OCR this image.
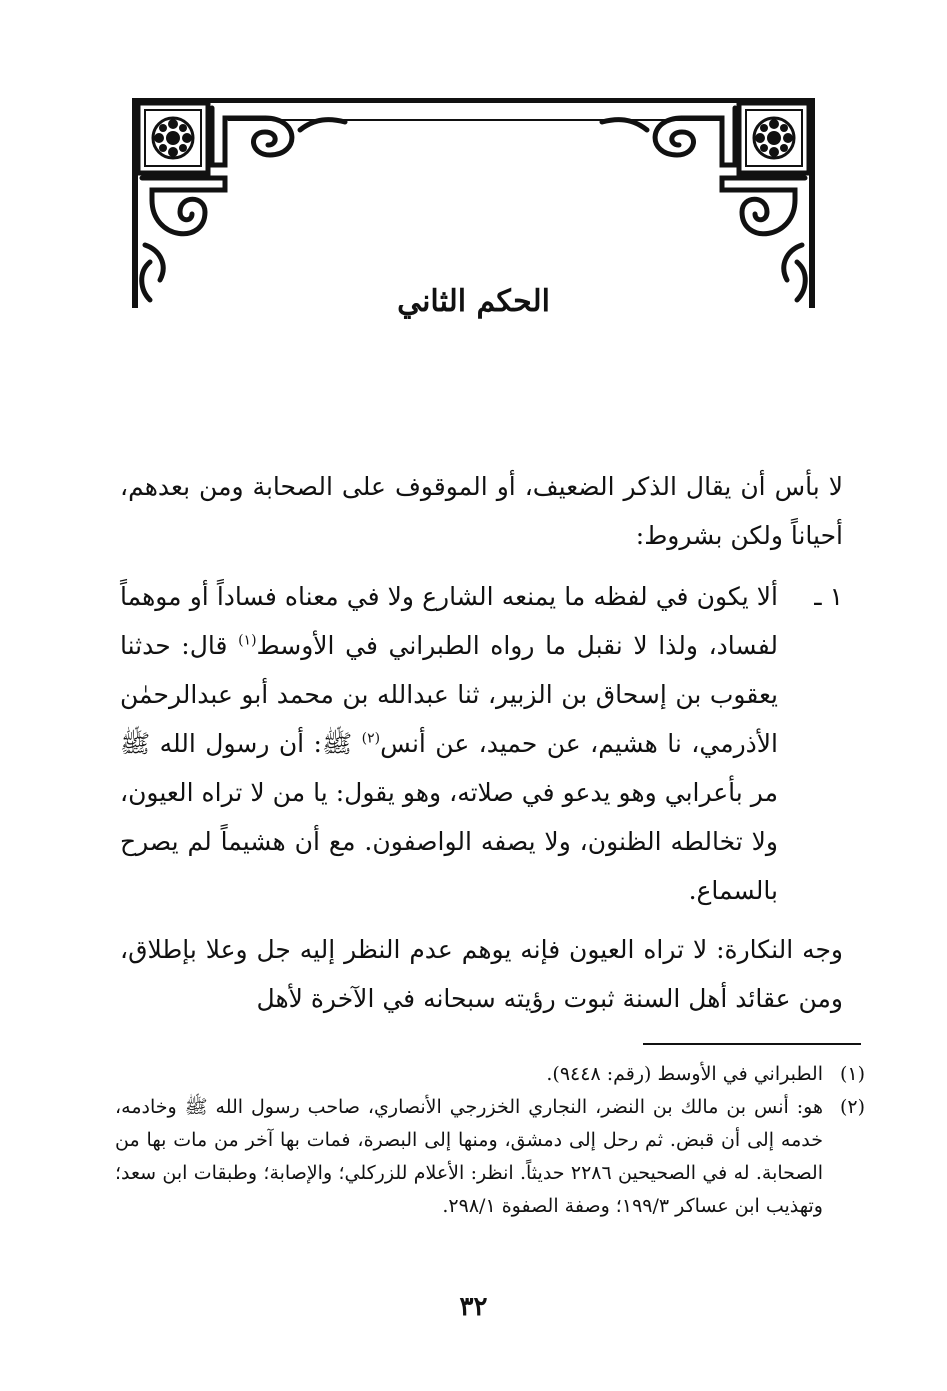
الحكم الثاني

لا بأس أن يقال الذكر الضعيف، أو الموقوف على الصحابة ومن بعدهم، أحياناً ولكن بشروط:

١ ـ
ألا يكون في لفظه ما يمنعه الشارع ولا في معناه فساداً أو موهماً لفساد، ولذا لا نقبل ما رواه الطبراني في الأوسط$^{(١)}$ قال: حدثنا يعقوب بن إسحاق بن الزبير، ثنا عبدالله بن محمد أبو عبدالرحمٰن الأذرمي، نا هشيم، عن حميد، عن أنس$^{(٢)}$ ﷺ: أن رسول الله ﷺ مر بأعرابي وهو يدعو في صلاته، وهو يقول: يا من لا تراه العيون، ولا تخالطه الظنون، ولا يصفه الواصفون. مع أن هشيماً لم يصرح بالسماع.

وجه النكارة: لا تراه العيون فإنه يوهم عدم النظر إليه جل وعلا بإطلاق، ومن عقائد أهل السنة ثبوت رؤيته سبحانه في الآخرة لأهل

(١)
الطبراني في الأوسط (رقم: ٩٤٤٨).
(٢)
هو: أنس بن مالك بن النضر، النجاري الخزرجي الأنصاري، صاحب رسول الله ﷺ وخادمه، خدمه إلى أن قبض. ثم رحل إلى دمشق، ومنها إلى البصرة، فمات بها آخر من مات بها من الصحابة. له في الصحيحين ٢٢٨٦ حديثاً. انظر: الأعلام للزركلي؛ والإصابة؛ وطبقات ابن سعد؛ وتهذيب ابن عساكر ١٩٩/٣؛ وصفة الصفوة ٢٩٨/١.
٣٢
